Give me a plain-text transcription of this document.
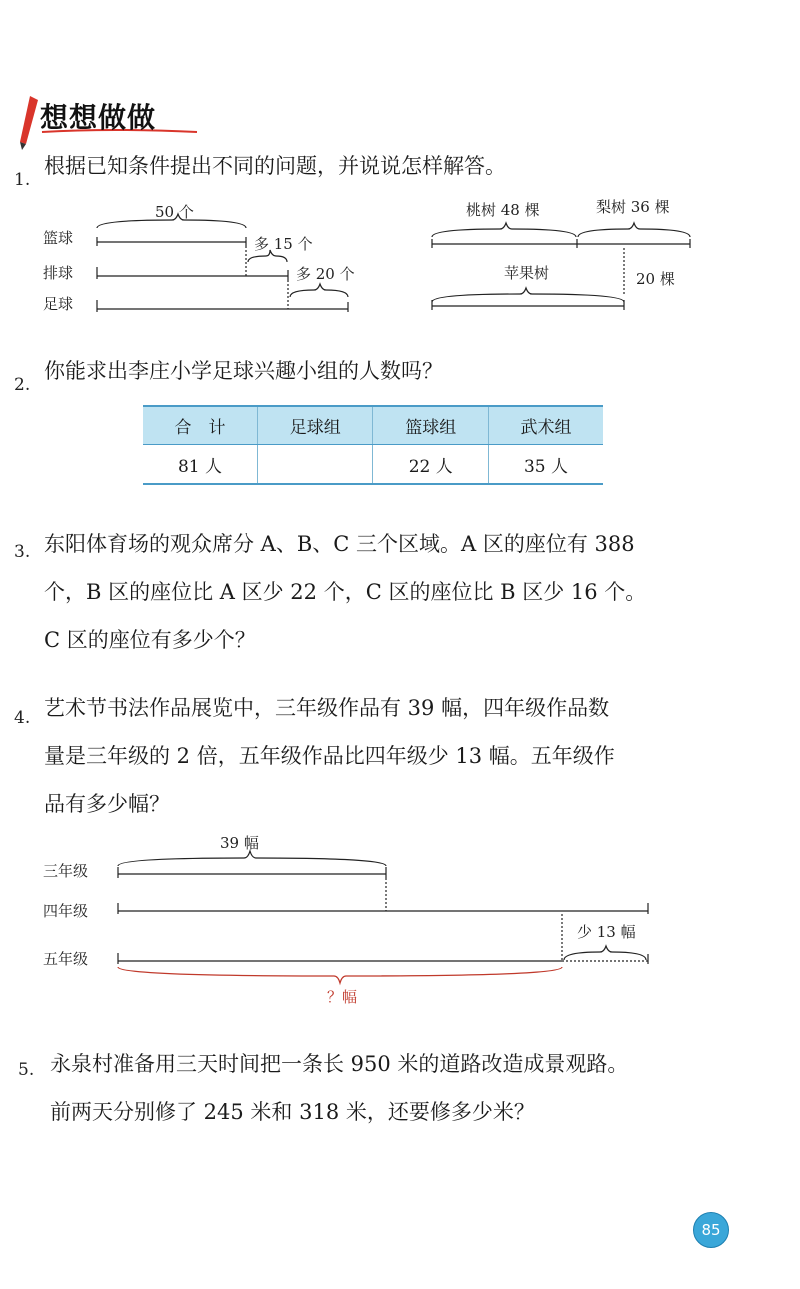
想想做做
1.
根据已知条件提出不同的问题，并说说怎样解答。
篮球
排球
足球
50 个
多 15 个
多 20 个
桃树 48 棵	梨树 36 棵
苹果树	20 棵
2.
你能求出李庄小学足球兴趣小组的人数吗？
合　计	足球组	篮球组	武术组
81 人		22 人	35 人
3. 东阳体育场的观众席分 A、B、C 三个区域。A 区的座位有 388
个，B 区的座位比 A 区少 22 个，C 区的座位比 B 区少 16 个。
C 区的座位有多少个？
4. 艺术节书法作品展览中，三年级作品有 39 幅，四年级作品数
量是三年级的 2 倍，五年级作品比四年级少 13 幅。五年级作
品有多少幅？
三年级
四年级
五年级
39 幅
少 13 幅
？幅
5. 永泉村准备用三天时间把一条长 950 米的道路改造成景观路。
前两天分别修了 245 米和 318 米，还要修多少米？
85
